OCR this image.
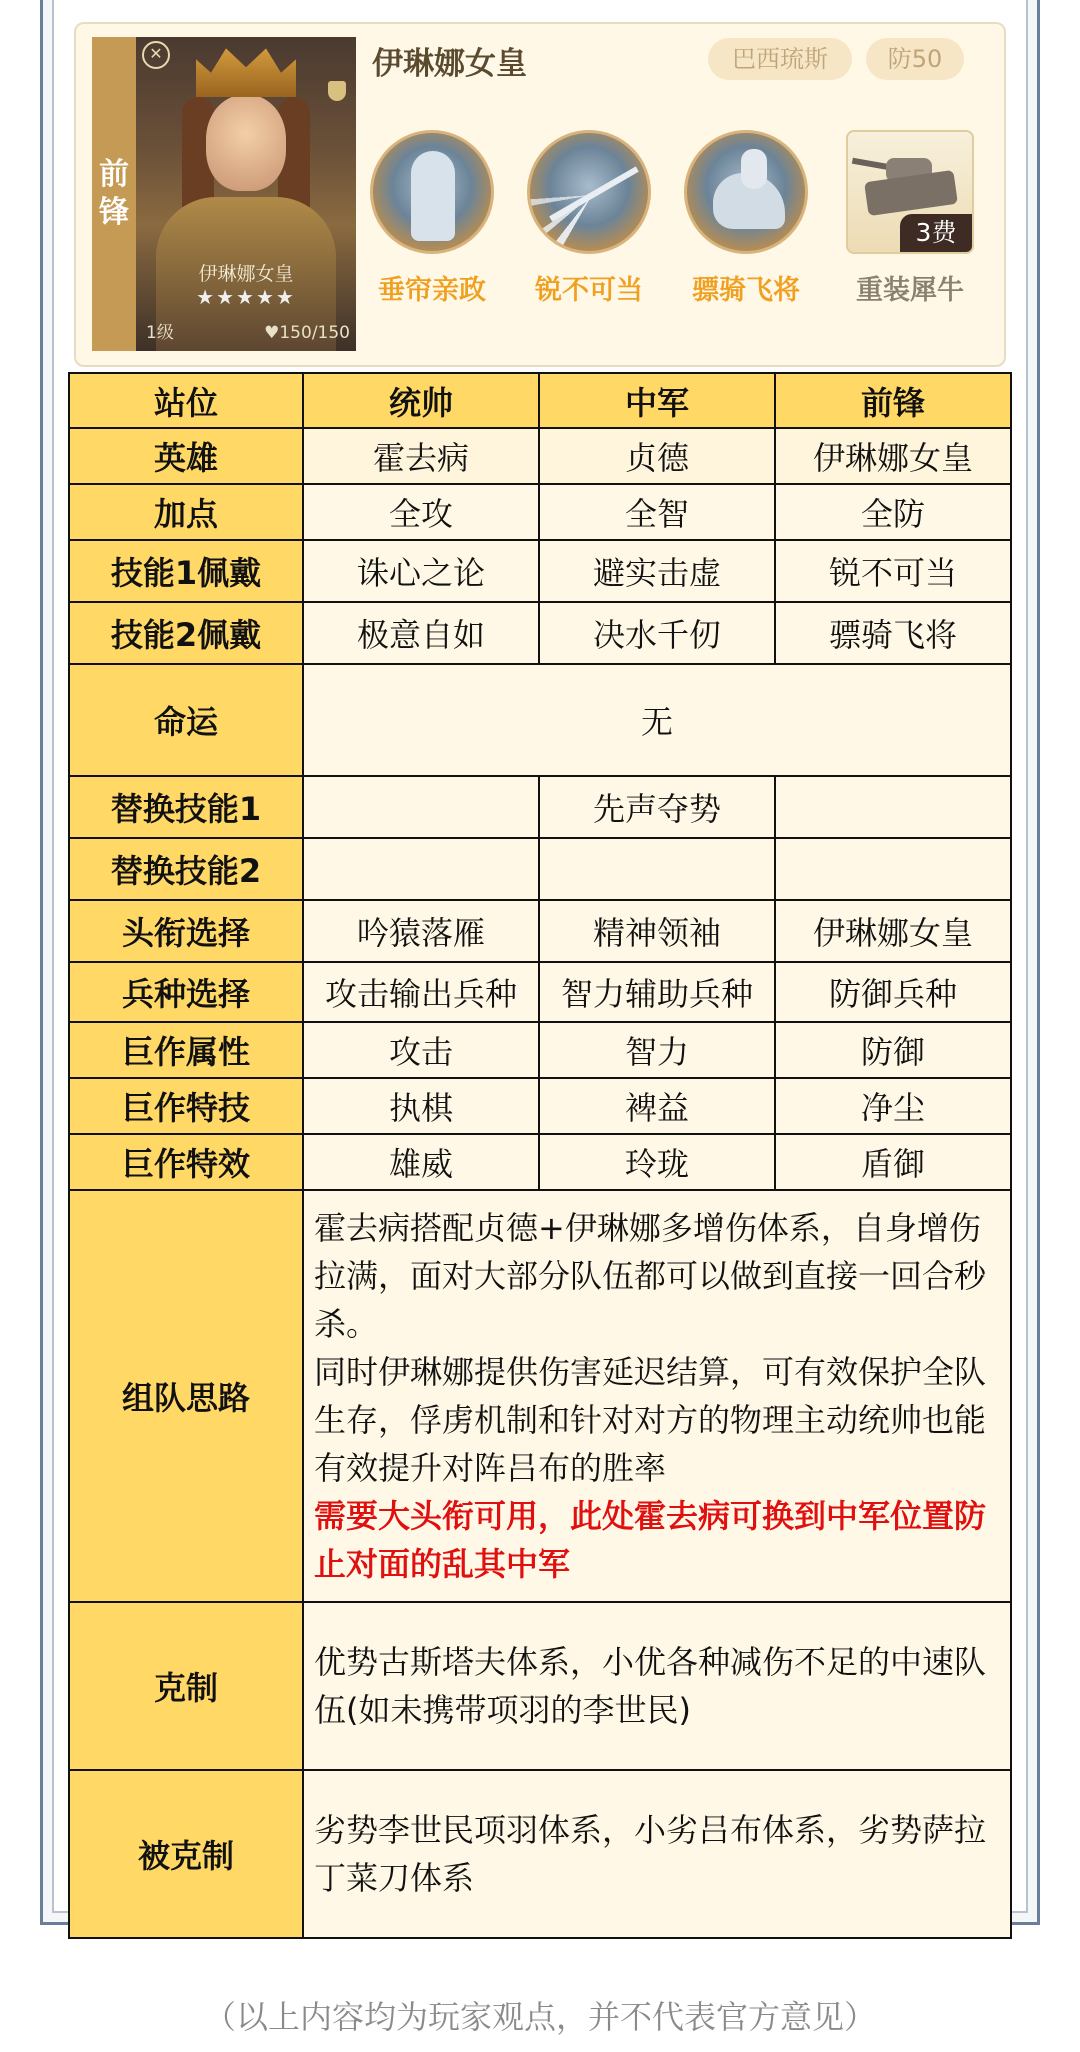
前
锋
✕
伊琳娜女皇
★★★★★
1级	♥150/150
伊琳娜女皇	巴西琉斯	防50
3费
垂帘亲政	锐不可当	骠骑飞将	重装犀牛
站位	统帅	中军	前锋
英雄	霍去病	贞德	伊琳娜女皇
加点	全攻	全智	全防
技能1佩戴	诛心之论	避实击虚	锐不可当
技能2佩戴	极意自如	决水千仞	骠骑飞将
命运	无		
替换技能1		先声夺势	
替换技能2			
头衔选择	吟猿落雁	精神领袖	伊琳娜女皇
兵种选择	攻击输出兵种	智力辅助兵种	防御兵种
巨作属性	攻击	智力	防御
巨作特技	执棋	裨益	净尘
巨作特效	雄威	玲珑	盾御
组队思路	霍去病搭配贞德+伊琳娜多增伤体系，自身增伤拉满，面对大部分队伍都可以做到直接一回合秒杀。
同时伊琳娜提供伤害延迟结算，可有效保护全队生存，俘虏机制和针对对方的物理主动统帅也能有效提升对阵吕布的胜率
需要大头衔可用，此处霍去病可换到中军位置防止对面的乱其中军		

克制	优势古斯塔夫体系，小优各种减伤不足的中速队伍(如未携带项羽的李世民)		
被克制	劣势李世民项羽体系，小劣吕布体系，劣势萨拉丁菜刀体系		
（以上内容均为玩家观点，并不代表官方意见）
